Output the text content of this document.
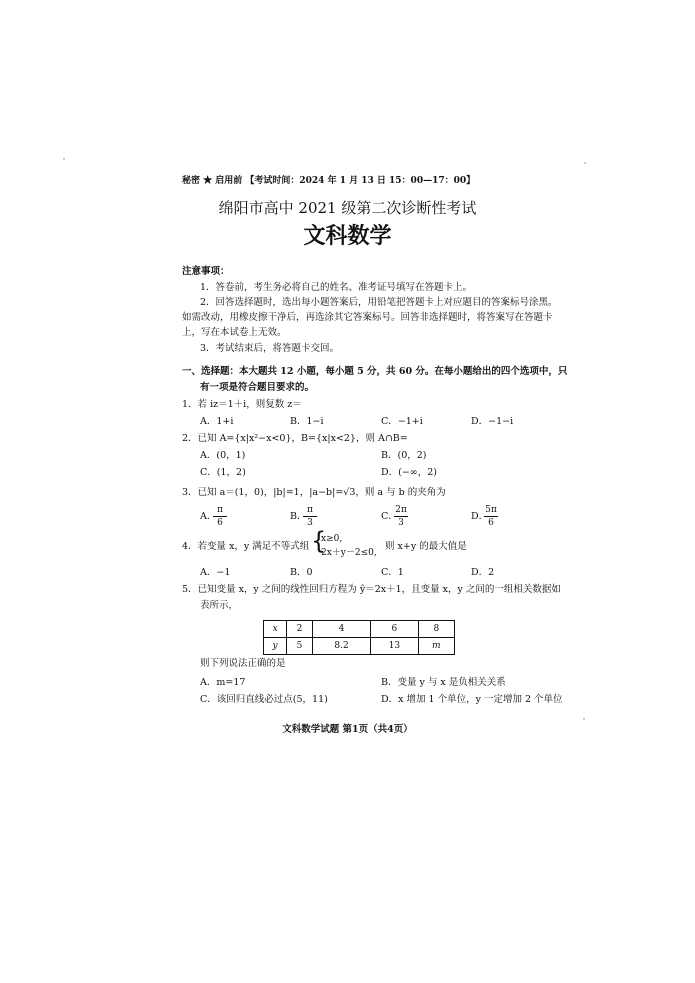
秘密 ★ 启用前 【考试时间：2024 年 1 月 13 日 15：00—17：00】
绵阳市高中 2021 级第二次诊断性考试
文科数学
注意事项：
1．答卷前，考生务必将自己的姓名、准考证号填写在答题卡上。
2．回答选择题时，选出每小题答案后，用铅笔把答题卡上对应题目的答案标号涂黑。
如需改动，用橡皮擦干净后，再选涂其它答案标号。回答非选择题时，将答案写在答题卡
上，写在本试卷上无效。
3．考试结束后，将答题卡交回。
一、选择题：本大题共 12 小题，每小题 5 分，共 60 分。在每小题给出的四个选项中，只
有一项是符合题目要求的。
1．若 iz＝1＋i，则复数 z＝
A．1+i	B．1−i	C．−1+i	D．−1−i
2．已知 A={x|x²−x<0}，B={x|x<2}，则 A∩B=
A．(0，1)	B．(0，2)
C．(1，2)	D．(−∞，2)
3．已知 a＝(1，0)，|b|=1，|a−b|=√3，则 a 与 b 的夹角为
A．
$\frac{\pi}{6}$	B．
$\frac{\pi}{3}$	C．
$\frac{2\pi}{3}$	D．
$\frac{5\pi}{6}$
4．若变量 x，y 满足不等式组 {
x≥0,
2x＋y－2≤0,
则 x+y 的最大值是
A．−1	B．0	C．1	D．2
5．已知变量 x，y 之间的线性回归方程为 ŷ＝2x＋1，且变量 x，y 之间的一组相关数据如
表所示，
x	2	4	6	8
y	5	8.2	13	m
则下列说法正确的是
A．m=17	B．变量 y 与 x 是负相关关系
C．该回归直线必过点(5，11)	D．x 增加 1 个单位，y 一定增加 2 个单位
文科数学试题 第1页（共4页）
